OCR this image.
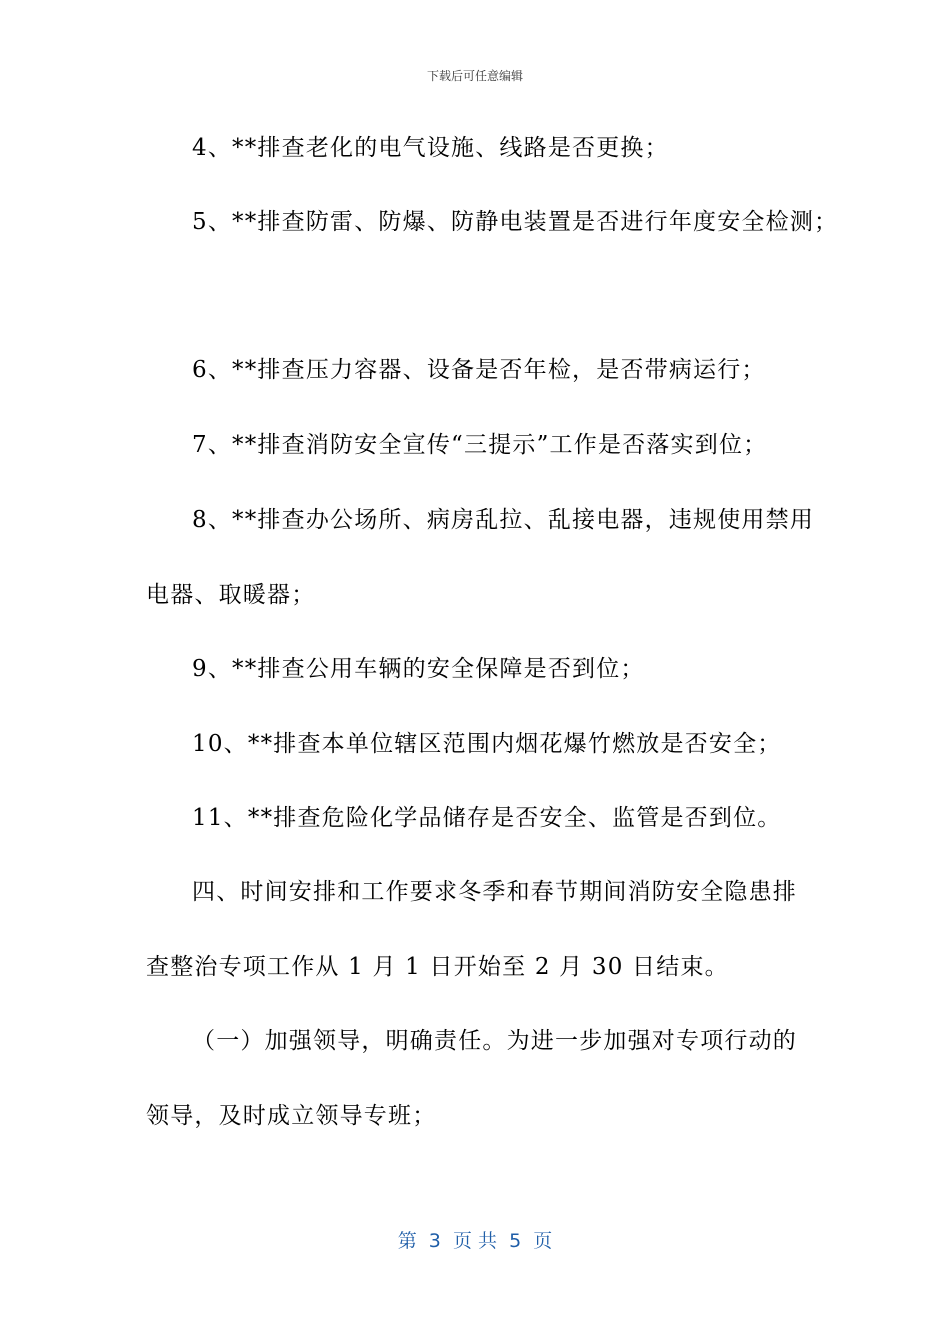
下载后可任意编辑
4、**排查老化的电气设施、线路是否更换；
5、**排查防雷、防爆、防静电装置是否进行年度安全检测；
6、**排查压力容器、设备是否年检，是否带病运行；
7、**排查消防安全宣传“三提示”工作是否落实到位；
8、**排查办公场所、病房乱拉、乱接电器，违规使用禁用
电器、取暖器；
9、**排查公用车辆的安全保障是否到位；
10、**排查本单位辖区范围内烟花爆竹燃放是否安全；
11、**排查危险化学品储存是否安全、监管是否到位。
四、时间安排和工作要求冬季和春节期间消防安全隐患排
查整治专项工作从 1 月 1 日开始至 2 月 30 日结束。
（一）加强领导，明确责任。为进一步加强对专项行动的
领导，及时成立领导专班；
第  3  页 共  5  页
